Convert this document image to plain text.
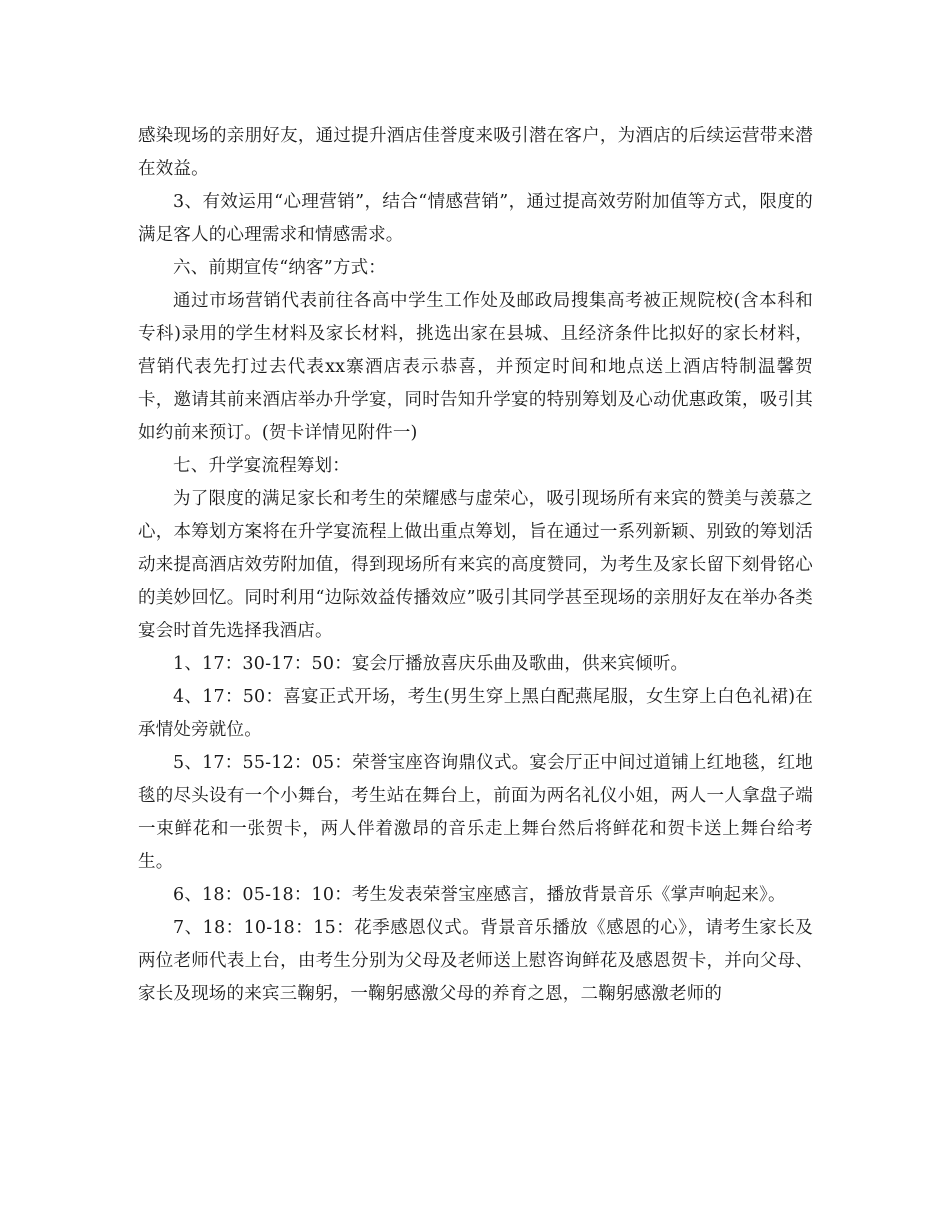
感染现场的亲朋好友，通过提升酒店佳誉度来吸引潜在客户，为酒店的后续运营带来潜在效益。

3、有效运用“心理营销”，结合“情感营销”，通过提高效劳附加值等方式，限度的满足客人的心理需求和情感需求。

六、前期宣传“纳客”方式：

通过市场营销代表前往各高中学生工作处及邮政局搜集高考被正规院校(含本科和专科)录用的学生材料及家长材料，挑选出家在县城、且经济条件比拟好的家长材料，营销代表先打过去代表xx寨酒店表示恭喜，并预定时间和地点送上酒店特制温馨贺卡，邀请其前来酒店举办升学宴，同时告知升学宴的特别筹划及心动优惠政策，吸引其如约前来预订。(贺卡详情见附件一)

七、升学宴流程筹划：

为了限度的满足家长和考生的荣耀感与虚荣心，吸引现场所有来宾的赞美与羡慕之心，本筹划方案将在升学宴流程上做出重点筹划，旨在通过一系列新颖、别致的筹划活动来提高酒店效劳附加值，得到现场所有来宾的高度赞同，为考生及家长留下刻骨铭心的美妙回忆。同时利用“边际效益传播效应”吸引其同学甚至现场的亲朋好友在举办各类宴会时首先选择我酒店。

1、17：30-17：50：宴会厅播放喜庆乐曲及歌曲，供来宾倾听。

4、17：50：喜宴正式开场，考生(男生穿上黑白配燕尾服，女生穿上白色礼裙)在承情处旁就位。

5、17：55-12：05：荣誉宝座咨询鼎仪式。宴会厅正中间过道铺上红地毯，红地毯的尽头设有一个小舞台，考生站在舞台上，前面为两名礼仪小姐，两人一人拿盘子端一束鲜花和一张贺卡，两人伴着激昂的音乐走上舞台然后将鲜花和贺卡送上舞台给考生。

6、18：05-18：10：考生发表荣誉宝座感言，播放背景音乐《掌声响起来》。

7、18：10-18：15：花季感恩仪式。背景音乐播放《感恩的心》，请考生家长及两位老师代表上台，由考生分别为父母及老师送上慰咨询鲜花及感恩贺卡，并向父母、家长及现场的来宾三鞠躬，一鞠躬感激父母的养育之恩，二鞠躬感激老师的
